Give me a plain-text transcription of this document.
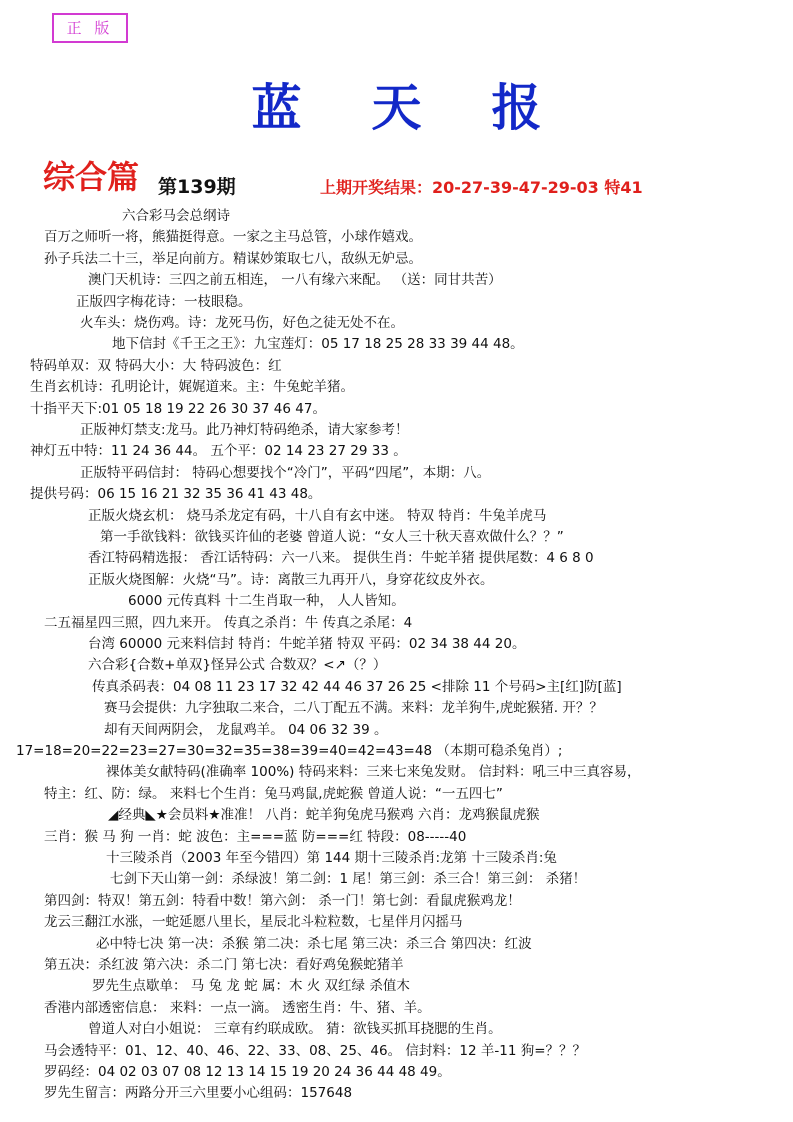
正 版
蓝天报
综合篇 第139期	上期开奖结果：20-27-39-47-29-03 特41
六合彩马会总纲诗
百万之师听一将，熊猫挺得意。一家之主马总管，小球作嬉戏。
孙子兵法二十三，举足向前方。精谋妙策取七八，敌纵无妒忌。
澳门天机诗：三四之前五相连， 一八有缘六来配。 （送：同甘共苦）
正版四字梅花诗：一枝眼稳。
火车头：烧伤鸡。诗：龙死马伤，好色之徒无处不在。
地下信封《千王之王》：九宝莲灯：05 17 18 25 28 33 39 44 48。
特码单双：双 特码大小：大 特码波色：红
生肖玄机诗：孔明论计，娓娓道来。主：牛兔蛇羊猪。
十指平天下:01 05 18 19 22 26 30 37 46 47。
正版神灯禁支:龙马。此乃神灯特码绝杀，请大家参考！
神灯五中特：11 24 36 44。 五个平：02 14 23 27 29 33 。
正版特平码信封： 特码心想要找个“冷门”，平码“四尾”，本期：八。
提供号码：06 15 16 21 32 35 36 41 43 48。
正版火烧玄机： 烧马杀龙定有码，十八自有玄中迷。 特双 特肖：牛兔羊虎马
第一手欲钱料：欲钱买许仙的老婆 曾道人说：“女人三十秋天喜欢做什么？？”
香江特码精选报： 香江话特码：六一八来。 提供生肖：牛蛇羊猪 提供尾数：4 6 8 0
正版火烧图解：火烧“马”。诗：离散三九再开八，身穿花纹皮外衣。
6000 元传真料 十二生肖取一种， 人人皆知。
二五福星四三照，四九来开。 传真之杀肖：牛 传真之杀尾：4
台湾 60000 元来料信封 特肖：牛蛇羊猪 特双 平码：02 34 38 44 20。
六合彩{合数+单双}怪异公式 合数双？<↗（？）
传真杀码表：04 08 11 23 17 32 42 44 46 37 26 25 <排除 11 个号码>主[红]防[蓝]
赛马会提供：九字独取二来合，二八丁配五不满。来料：龙羊狗牛,虎蛇猴猪. 开？？
却有天间两阴会， 龙鼠鸡羊。 04 06 32 39 。
17=18=20=22=23=27=30=32=35=38=39=40=42=43=48 （本期可稳杀兔肖）;
裸体美女献特码(准确率 100%) 特码来料：三来七来兔发财。 信封料：吼三中三真容易，
特主：红、防：绿。 来料七个生肖：兔马鸡鼠,虎蛇猴 曾道人说：“一五四七”
◢经典◣★会员料★准准！ 八肖：蛇羊狗兔虎马猴鸡 六肖：龙鸡猴鼠虎猴
三肖：猴 马 狗 一肖：蛇 波色：主===蓝 防===红 特段：08-----40
十三陵杀肖（2003 年至今错四）第 144 期十三陵杀肖:龙第 十三陵杀肖:兔
七剑下天山第一剑：杀绿波！第二剑：1 尾！第三剑：杀三合！第三剑： 杀猪！
第四剑：特双！第五剑：特看中数！第六剑： 杀一门！第七剑：看鼠虎猴鸡龙！
龙云三翻江水涨，一蛇延愿八里长，星辰北斗粒粒数，七星伴月闪摇马
必中特七决 第一决：杀猴 第二决：杀七尾 第三决：杀三合 第四决：红波
第五决：杀红波 第六决：杀二门 第七决：看好鸡兔猴蛇猪羊
罗先生点歇单： 马 兔 龙 蛇 属：木 火 双红绿 杀值木
香港内部透密信息： 来料：一点一滴。 透密生肖：牛、猪、羊。
曾道人对白小姐说： 三章有约联成欧。 猜：欲钱买抓耳挠腮的生肖。
马会透特平：01、12、40、46、22、33、08、25、46。 信封料：12 羊-11 狗=？？？
罗码经：04 02 03 07 08 12 13 14 15 19 20 24 36 44 48 49。
罗先生留言：两路分开三六里要小心组码：157648
